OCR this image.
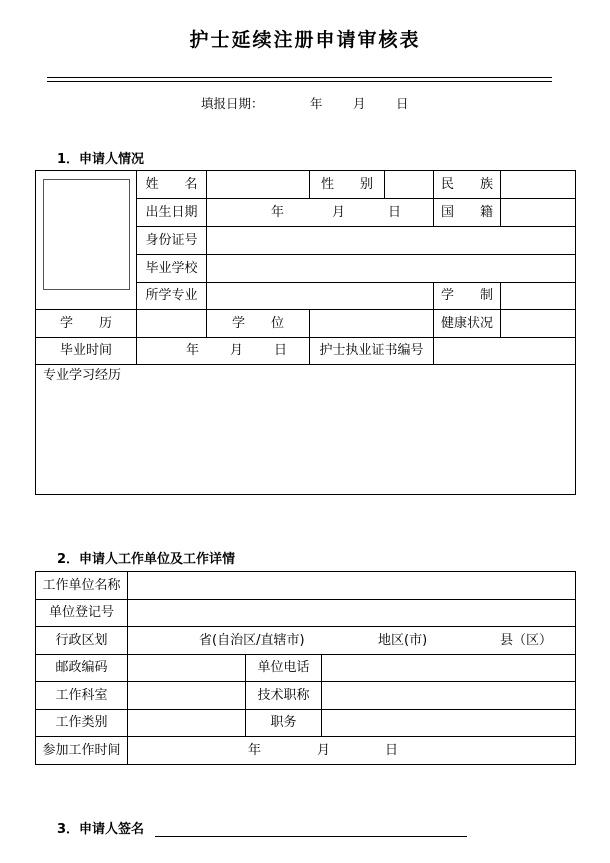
护士延续注册申请审核表
填报日期：	年 月 日
1．申请人情况
	姓　　名		性　　别		民　　族	
	出生日期	年 月 日			国　　籍	
	身份证号					
	毕业学校					
	所学专业				学　　制	
学　　历		学　　位			健康状况	
毕业时间	年 月 日		护士执业证书编号			
专业学习经历						
2．申请人工作单位及工作详情
工作单位名称			
单位登记号			
行政区划	省(自治区/直辖市) 地区(市) 县（区）		

邮政编码		单位电话	
工作科室		技术职称	
工作类别		职务	
参加工作时间	年 月 日		
3．申请人签名
